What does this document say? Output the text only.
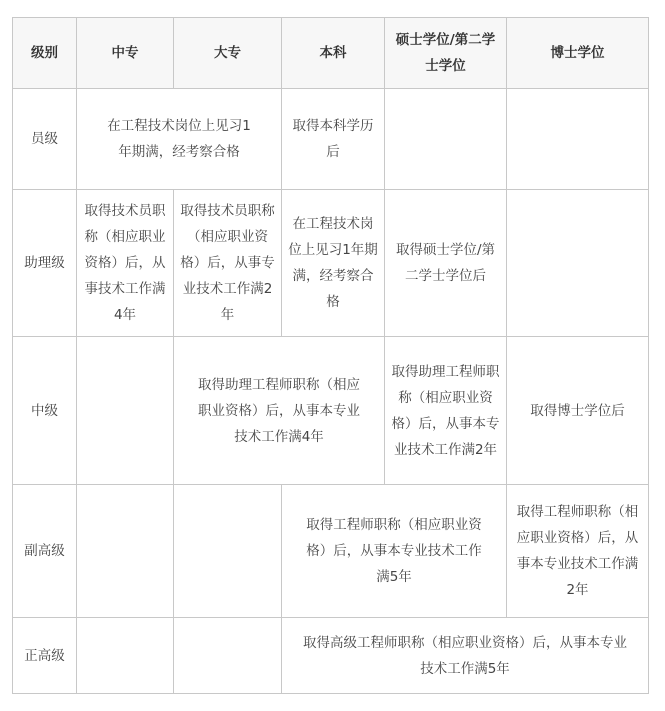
级别	中专	大专	本科	硕士学位/第二学士学位	博士学位
员级	在工程技术岗位上见习1年期满，经考察合格		取得本科学历后		
助理级	取得技术员职称（相应职业资格）后，从事技术工作满4年	取得技术员职称（相应职业资格）后，从事专业技术工作满2年	在工程技术岗位上见习1年期满，经考察合格	取得硕士学位/第二学士学位后	
中级		取得助理工程师职称（相应职业资格）后，从事本专业技术工作满4年		取得助理工程师职称（相应职业资格）后，从事本专业技术工作满2年	取得博士学位后
副高级			取得工程师职称（相应职业资格）后，从事本专业技术工作满5年		取得工程师职称（相应职业资格）后，从事本专业技术工作满2年
正高级			取得高级工程师职称（相应职业资格）后，从事本专业技术工作满5年		
